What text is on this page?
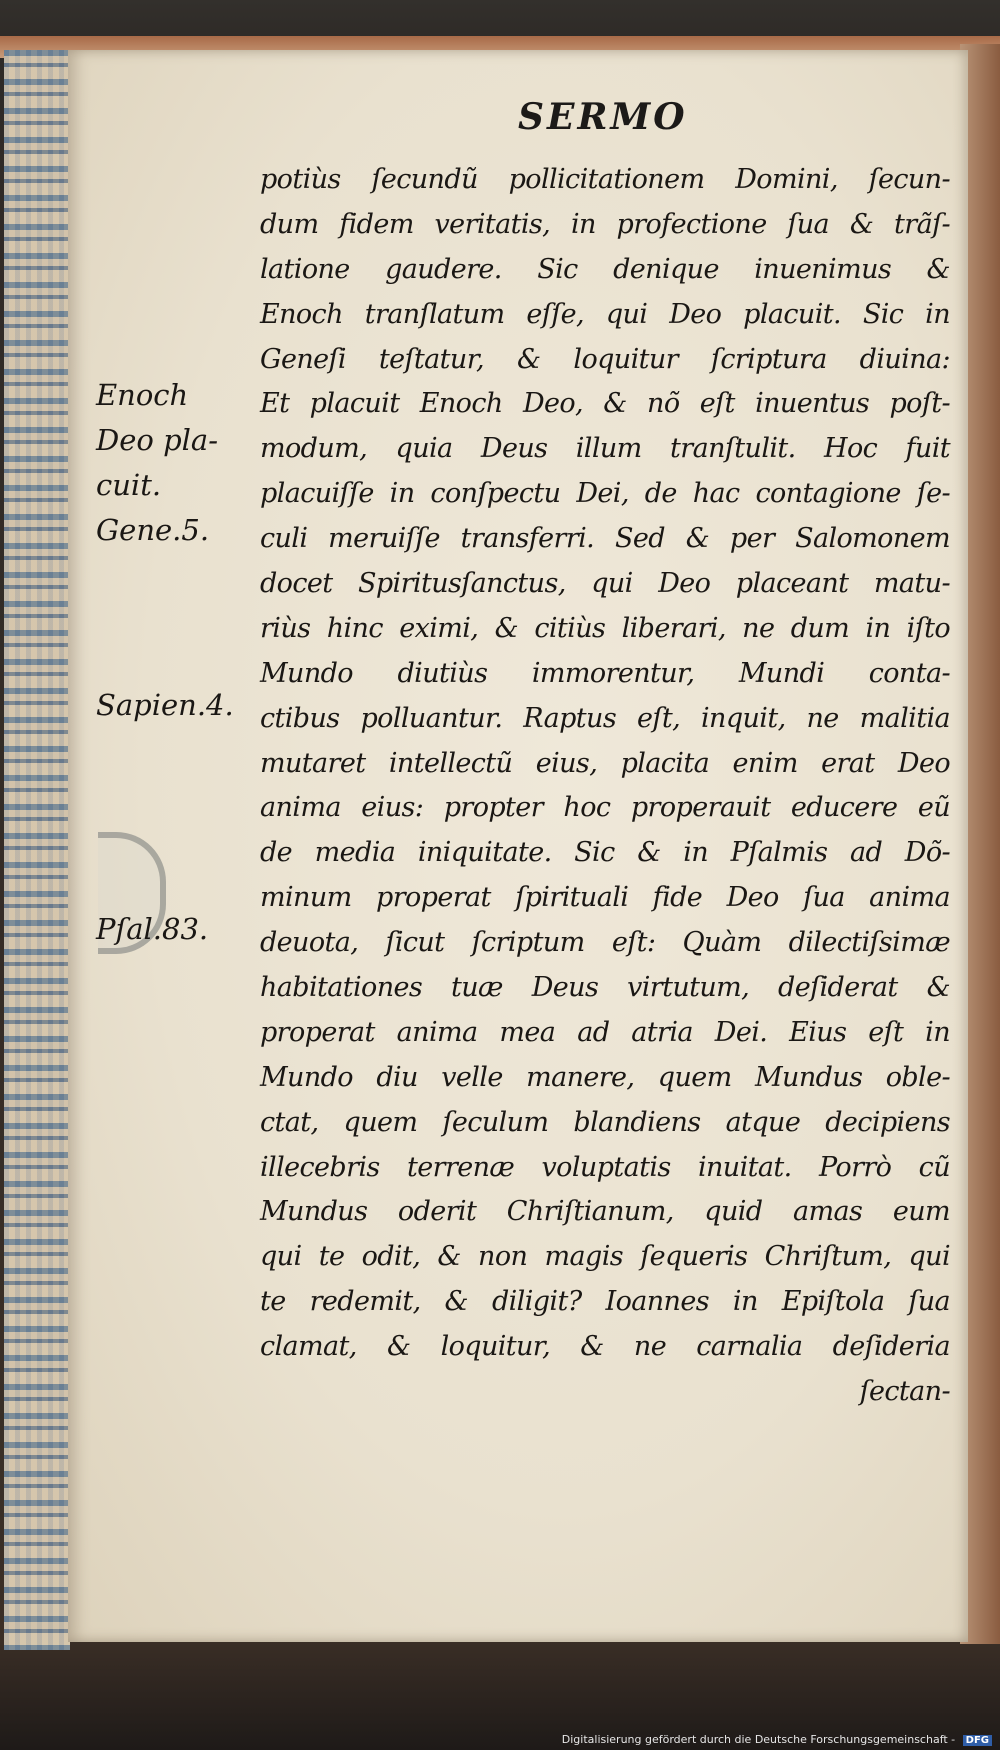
SERMO
potiùs ſecundũ pollicitationem Domini, ſecun-
dum fidem veritatis, in profectione ſua & trãſ-
latione gaudere. Sic denique inuenimus &
Enoch tranſlatum eſſe, qui Deo placuit. Sic in
Geneſi teſtatur, & loquitur ſcriptura diuina:
Et placuit Enoch Deo, & nõ eſt inuentus poſt-
modum, quia Deus illum tranſtulit. Hoc fuit
placuiſſe in conſpectu Dei, de hac contagione ſe-
culi meruiſſe transferri. Sed & per Salomonem
docet Spiritusſanctus, qui Deo placeant matu-
riùs hinc eximi, & citiùs liberari, ne dum in iſto
Mundo diutiùs immorentur, Mundi conta-
ctibus polluantur. Raptus eſt, inquit, ne malitia
mutaret intellectũ eius, placita enim erat Deo
anima eius: propter hoc properauit educere eũ
de media iniquitate. Sic & in Pſalmis ad Dõ-
minum properat ſpirituali fide Deo ſua anima
deuota, ſicut ſcriptum eſt: Quàm dilectiſsimæ
habitationes tuæ Deus virtutum, deſiderat &
properat anima mea ad atria Dei. Eius eſt in
Mundo diu velle manere, quem Mundus oble-
ctat, quem ſeculum blandiens atque decipiens
illecebris terrenæ voluptatis inuitat. Porrò cũ
Mundus oderit Chriſtianum, quid amas eum
qui te odit, & non magis ſequeris Chriſtum, qui
te redemit, & diligit? Ioannes in Epiſtola ſua
clamat, & loquitur, & ne carnalia deſideria
ſectan-
Enoch
Deo pla-
cuit.
Gene.5.
Sapien.4.
Pſal.83.
Digitalisierung gefördert durch die Deutsche Forschungsgemeinschaft - DFG
